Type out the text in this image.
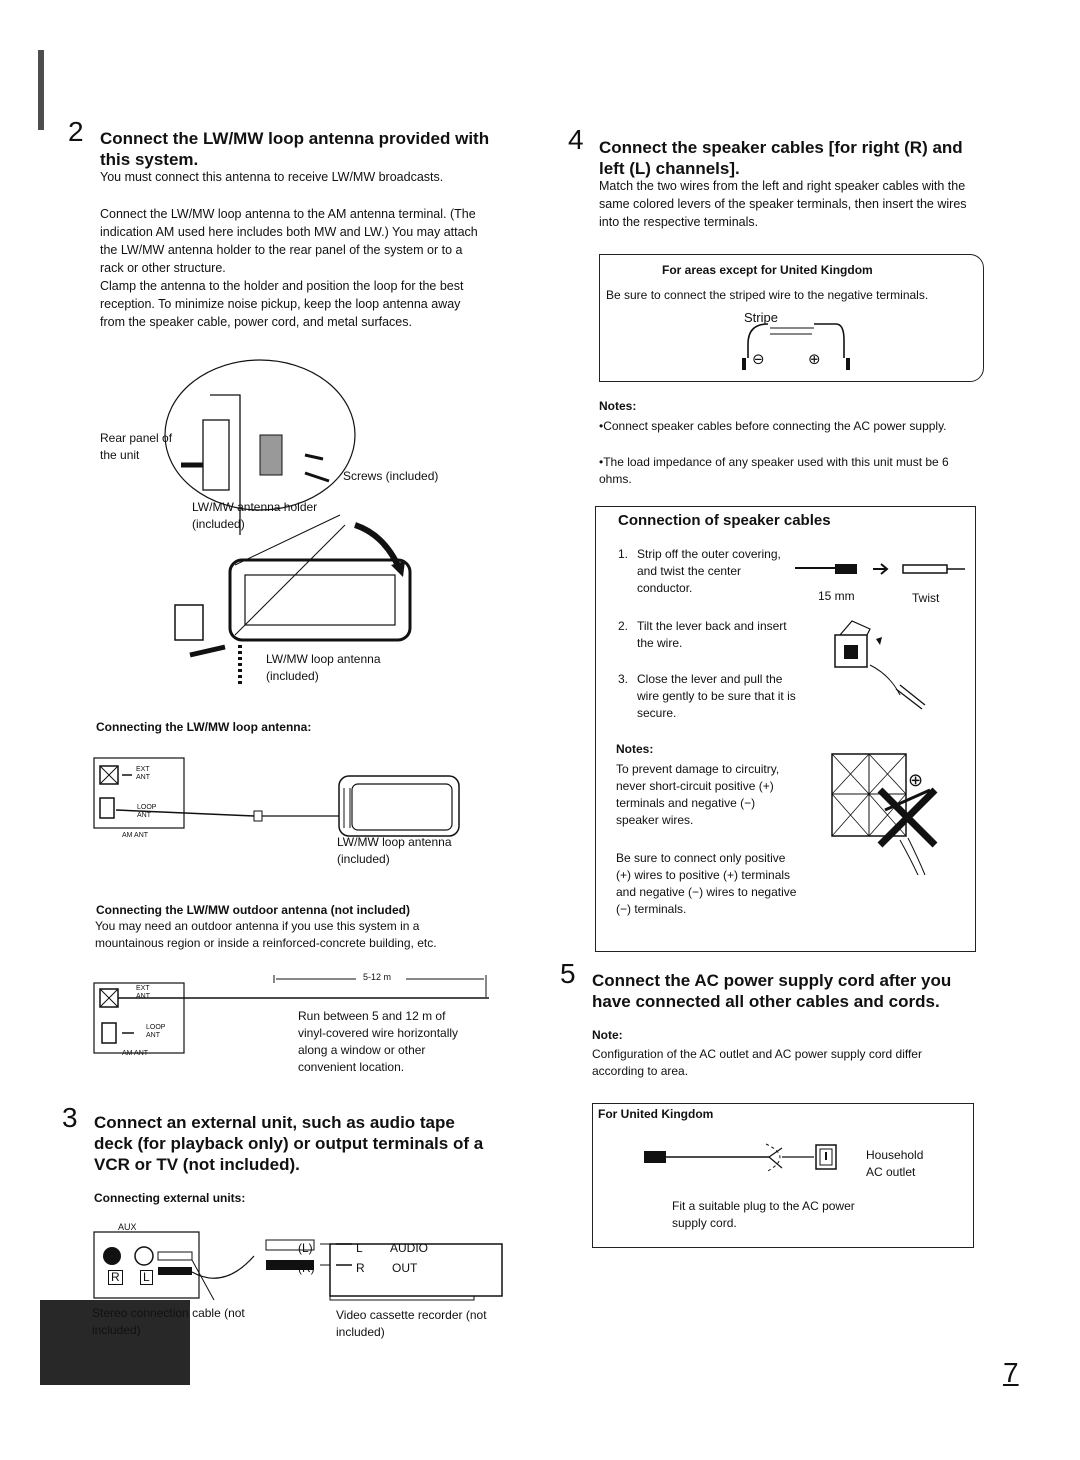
2 Connect the LW/MW loop antenna provided with this system.
You must connect this antenna to receive LW/MW broadcasts.
Connect the LW/MW loop antenna to the AM antenna terminal. (The indication AM used here includes both MW and LW.) You may attach the LW/MW antenna holder to the rear panel of the system or to a rack or other structure.
Clamp the antenna to the holder and position the loop for the best reception. To minimize noise pickup, keep the loop antenna away from the speaker cable, power cord, and metal surfaces.
Rear panel of the unit
Screws (included)
LW/MW antenna holder (included)
LW/MW loop antenna (included)
Connecting the LW/MW loop antenna:
EXT ANT
LOOP ANT
AM ANT	LW/MW loop antenna (included)
Connecting the LW/MW outdoor antenna (not included)
You may need an outdoor antenna if you use this system in a mountainous region or inside a reinforced-concrete building, etc.
5-12 m
EXT ANT
LOOP ANT
AM ANT
Run between 5 and 12 m of vinyl-covered wire horizontally along a window or other convenient location.
3 Connect an external unit, such as audio tape deck (for playback only) or output terminals of a VCR or TV (not included).
Connecting external units:
AUX
R L
(L)
(R)
L
R
AUDIO
OUT
Stereo connection cable (not included)
Video cassette recorder (not included)
4 Connect the speaker cables [for right (R) and left (L) channels].
Match the two wires from the left and right speaker cables with the same colored levers of the speaker terminals, then insert the wires into the respective terminals.
For areas except for United Kingdom
Be sure to connect the striped wire to the negative terminals.
Stripe
⊖	⊕
Notes:
•Connect speaker cables before connecting the AC power supply.
•The load impedance of any speaker used with this unit must be 6 ohms.
Connection of speaker cables
1. Strip off the outer covering, and twist the center conductor.
15 mm	Twist
2. Tilt the lever back and insert the wire.
3. Close the lever and pull the wire gently to be sure that it is secure.
Notes:
To prevent damage to circuitry, never short-circuit positive (+) terminals and negative (−) speaker wires.
Be sure to connect only positive (+) wires to positive (+) terminals and negative (−) wires to negative (−) terminals.
⊕
5 Connect the AC power supply cord after you have connected all other cables and cords.
Note:
Configuration of the AC outlet and AC power supply cord differ according to area.
For United Kingdom
Household AC outlet
Fit a suitable plug to the AC power supply cord.
7
